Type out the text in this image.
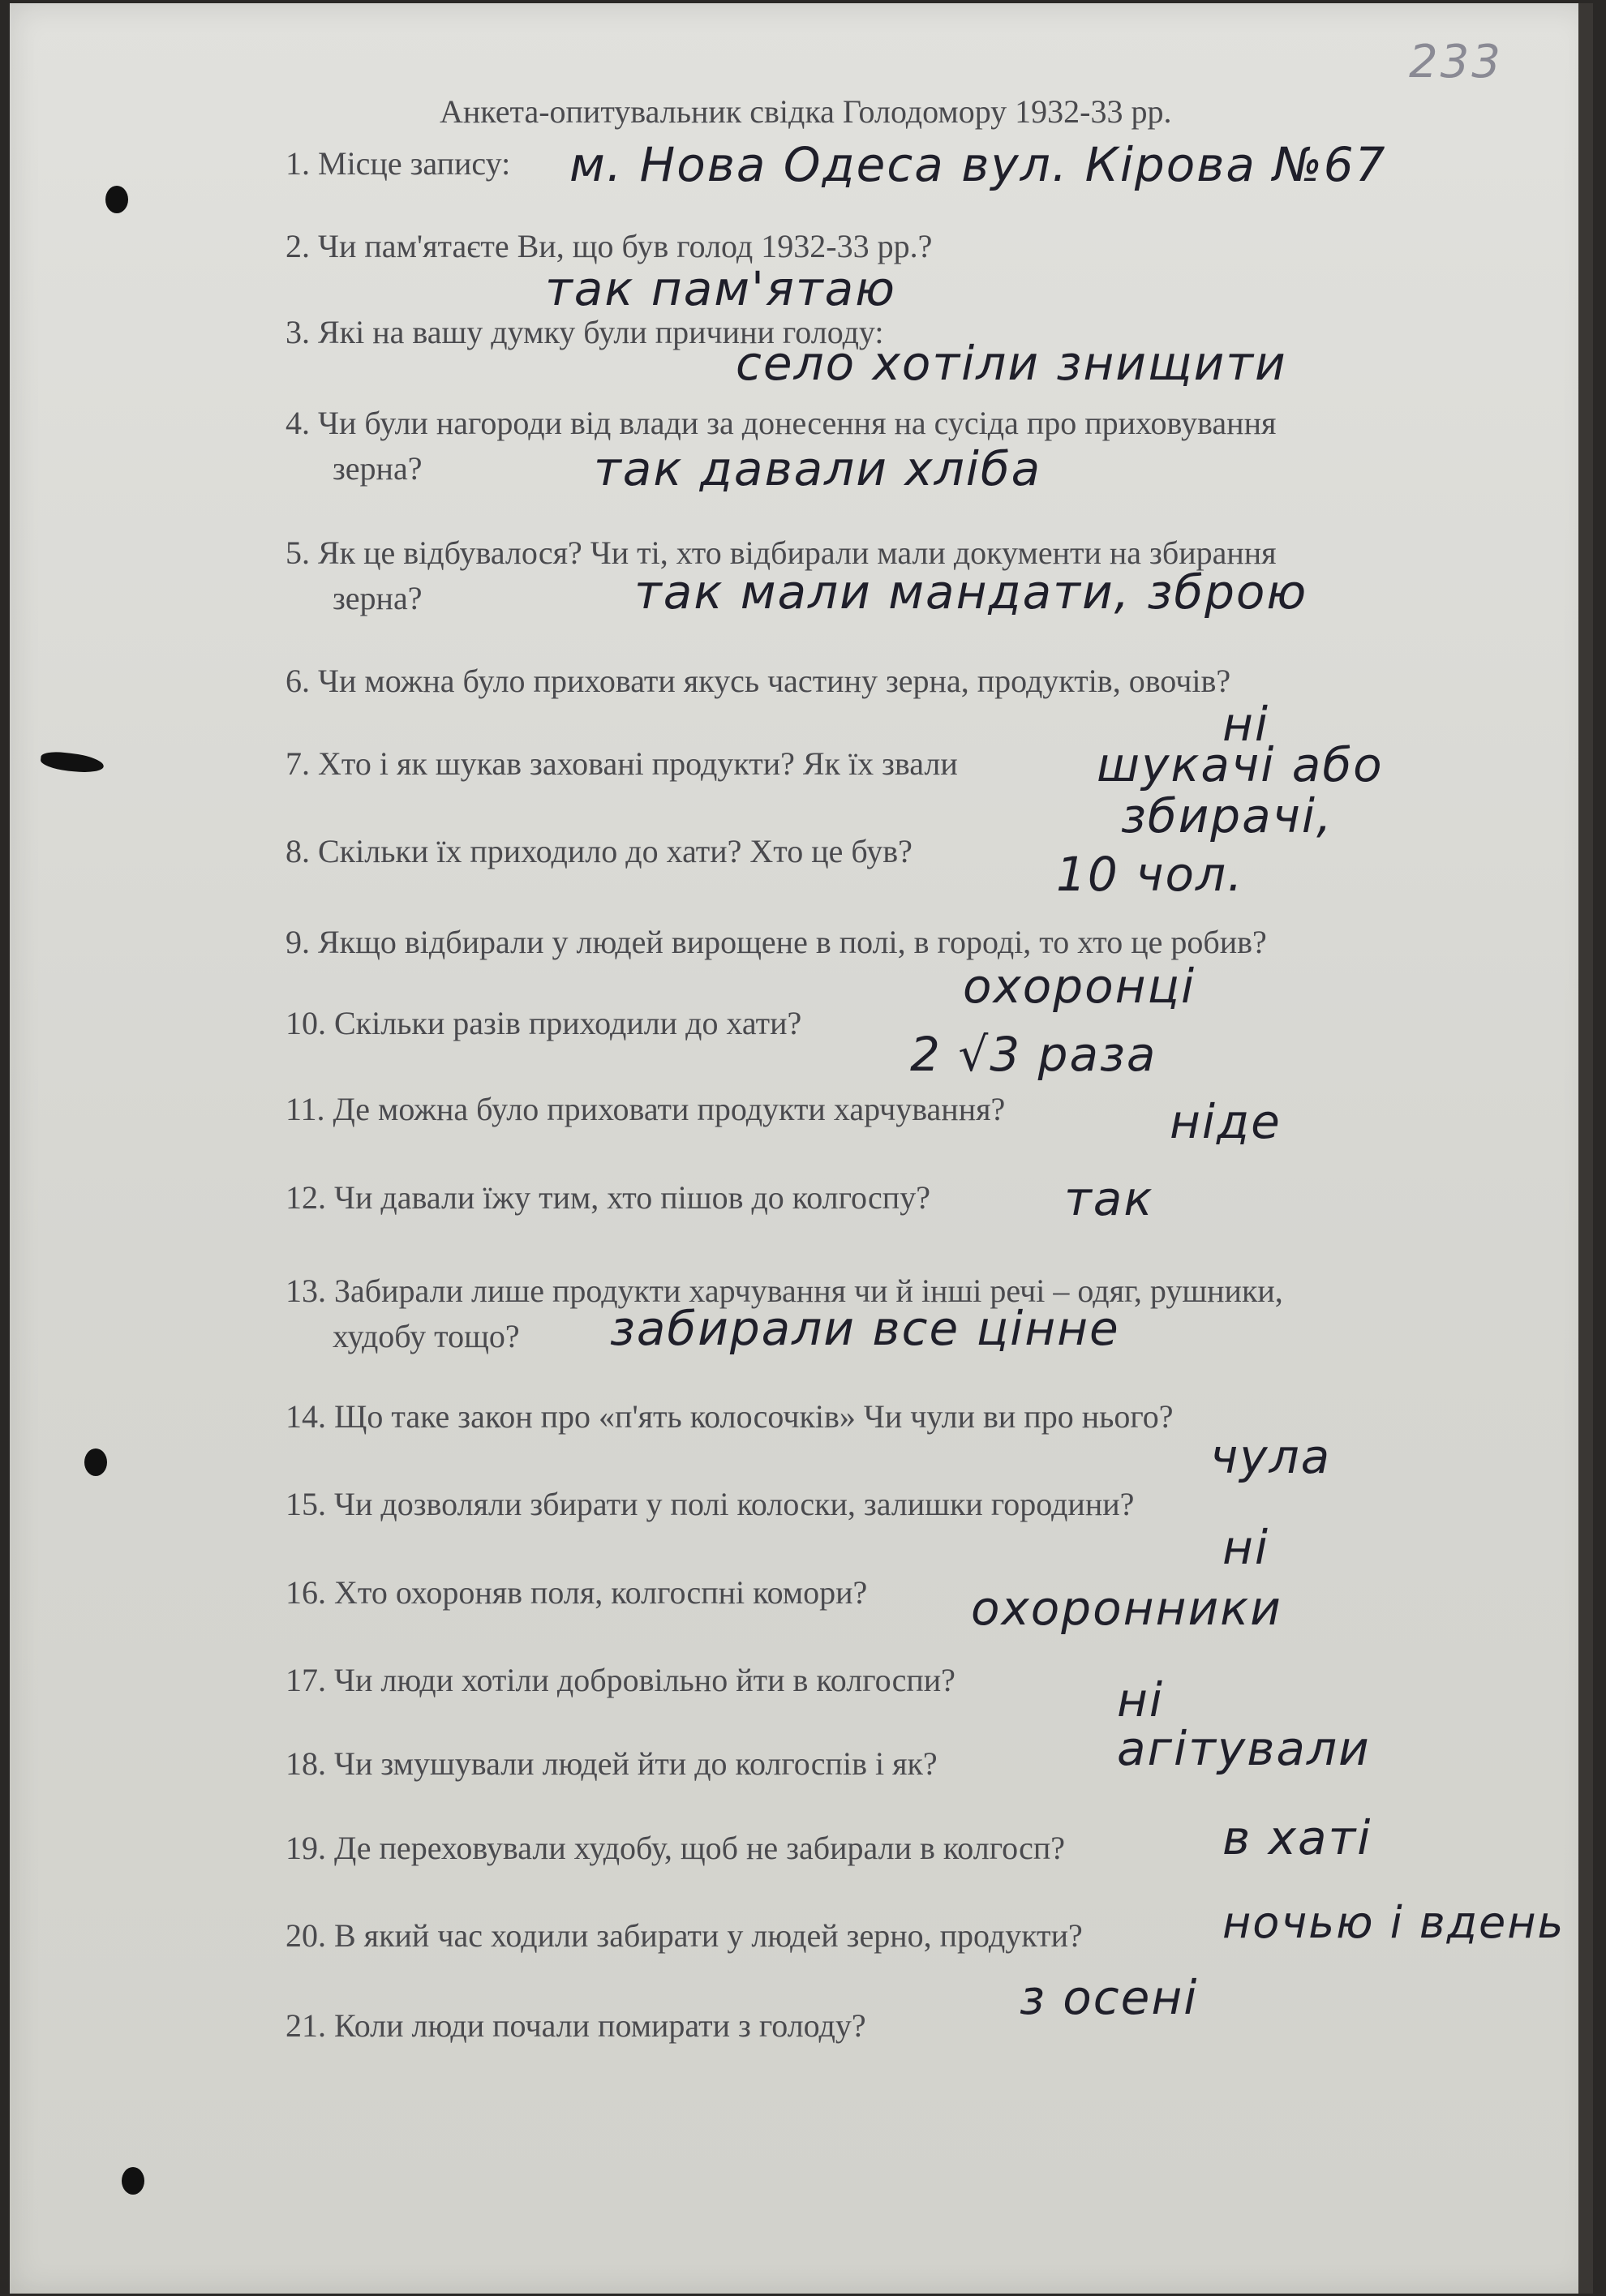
233
Анкета-опитувальник свідка Голодомору 1932-33 рр.
1. Місце запису: м. Нова Одеса вул. Кірова №67
2. Чи пам'ятаєте Ви, що був голод 1932-33 рр.?
так пам'ятаю
3. Які на вашу думку були причини голоду:
село хотіли знищити
4. Чи були нагороди від влади за донесення на сусіда про приховування
зерна?	так давали хліба
5. Як це відбувалося? Чи ті, хто відбирали мали документи на збирання
зерна?	так мали мандати, зброю
6. Чи можна було приховати якусь частину зерна, продуктів, овочів?
ні
7. Хто і як шукав заховані продукти? Як їх звали	шукачі або
збирачі,
8. Скільки їх приходило до хати? Хто це був?	10 чол.
9. Якщо відбирали у людей вирощене в полі, в городі, то хто це робив?
охоронці
10. Скільки разів приходили до хати?
2 √3 раза
11. Де можна було приховати продукти харчування?	ніде
12. Чи давали їжу тим, хто пішов до колгоспу?	так
13. Забирали лише продукти харчування чи й інші речі – одяг, рушники,
худобу тощо?	забирали все цінне
14. Що таке закон про «п'ять колосочків» Чи чули ви про нього?
чула
15. Чи дозволяли збирати у полі колоски, залишки городини?
ні
16. Хто охороняв поля, колгоспні комори? охоронники
17. Чи люди хотіли добровільно йти в колгоспи?	ні
18. Чи змушували людей йти до колгоспів і як?	агітували
19. Де переховували худобу, щоб не забирали в колгосп?	в хаті
20. В який час ходили забирати у людей зерно, продукти?	ночью і вдень
21. Коли люди почали помирати з голоду?
з осені
